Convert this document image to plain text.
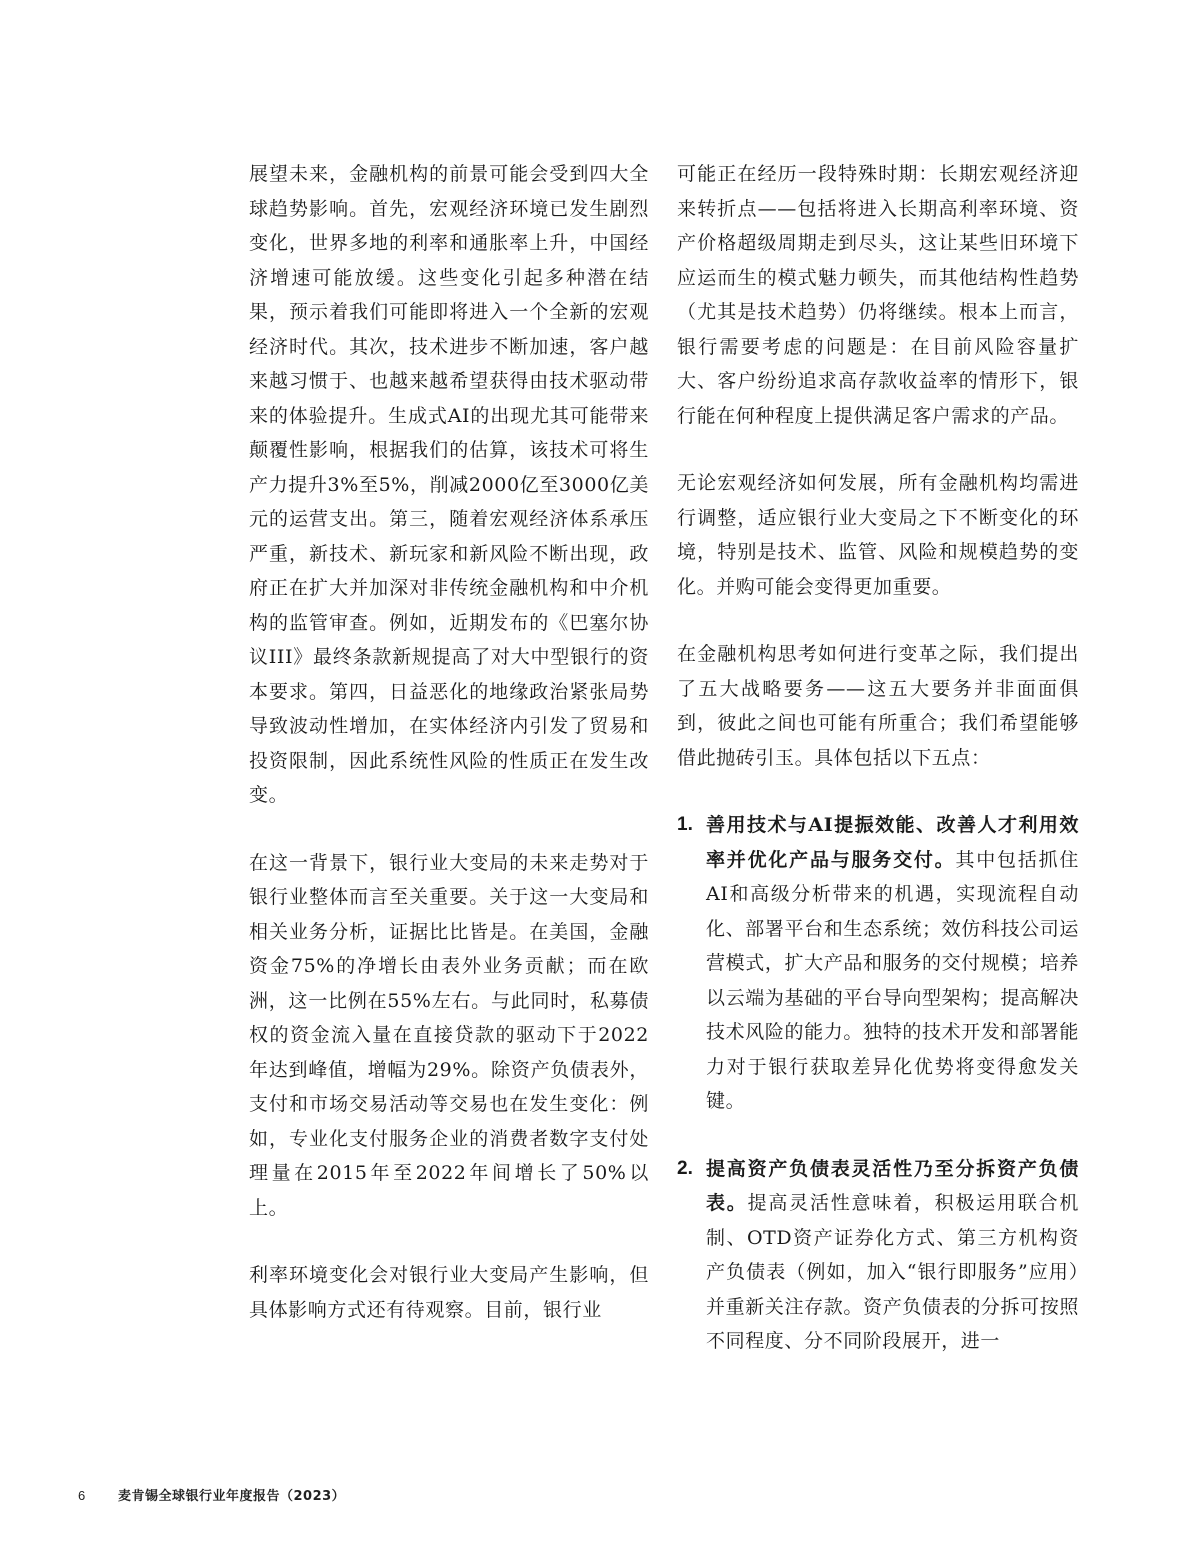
展望未来，金融机构的前景可能会受到四大全球趋势影响。首先，宏观经济环境已发生剧烈变化，世界多地的利率和通胀率上升，中国经济增速可能放缓。这些变化引起多种潜在结果，预示着我们可能即将进入一个全新的宏观经济时代。其次，技术进步不断加速，客户越来越习惯于、也越来越希望获得由技术驱动带来的体验提升。生成式AI的出现尤其可能带来颠覆性影响，根据我们的估算，该技术可将生产力提升3%至5%，削减2000亿至3000亿美元的运营支出。第三，随着宏观经济体系承压严重，新技术、新玩家和新风险不断出现，政府正在扩大并加深对非传统金融机构和中介机构的监管审查。例如，近期发布的《巴塞尔协议III》最终条款新规提高了对大中型银行的资本要求。第四，日益恶化的地缘政治紧张局势导致波动性增加，在实体经济内引发了贸易和投资限制，因此系统性风险的性质正在发生改变。

在这一背景下，银行业大变局的未来走势对于银行业整体而言至关重要。关于这一大变局和相关业务分析，证据比比皆是。在美国，金融资金75%的净增长由表外业务贡献；而在欧洲，这一比例在55%左右。与此同时，私募债权的资金流入量在直接贷款的驱动下于2022年达到峰值，增幅为29%。除资产负债表外，支付和市场交易活动等交易也在发生变化：例如，专业化支付服务企业的消费者数字支付处理量在2015年至2022年间增长了50%以上。

利率环境变化会对银行业大变局产生影响，但具体影响方式还有待观察。目前，银行业

可能正在经历一段特殊时期：长期宏观经济迎来转折点——包括将进入长期高利率环境、资产价格超级周期走到尽头，这让某些旧环境下应运而生的模式魅力顿失，而其他结构性趋势（尤其是技术趋势）仍将继续。根本上而言，银行需要考虑的问题是：在目前风险容量扩大、客户纷纷追求高存款收益率的情形下，银行能在何种程度上提供满足客户需求的产品。

无论宏观经济如何发展，所有金融机构均需进行调整，适应银行业大变局之下不断变化的环境，特别是技术、监管、风险和规模趋势的变化。并购可能会变得更加重要。

在金融机构思考如何进行变革之际，我们提出了五大战略要务——这五大要务并非面面俱到，彼此之间也可能有所重合；我们希望能够借此抛砖引玉。具体包括以下五点：

1. 善用技术与AI提振效能、改善人才利用效率并优化产品与服务交付。其中包括抓住AI和高级分析带来的机遇，实现流程自动化、部署平台和生态系统；效仿科技公司运营模式，扩大产品和服务的交付规模；培养以云端为基础的平台导向型架构；提高解决技术风险的能力。独特的技术开发和部署能力对于银行获取差异化优势将变得愈发关键。

2. 提高资产负债表灵活性乃至分拆资产负债表。提高灵活性意味着，积极运用联合机制、OTD资产证券化方式、第三方机构资产负债表（例如，加入“银行即服务”应用）并重新关注存款。资产负债表的分拆可按照不同程度、分不同阶段展开，进一

6	麦肯锡全球银行业年度报告（2023）
